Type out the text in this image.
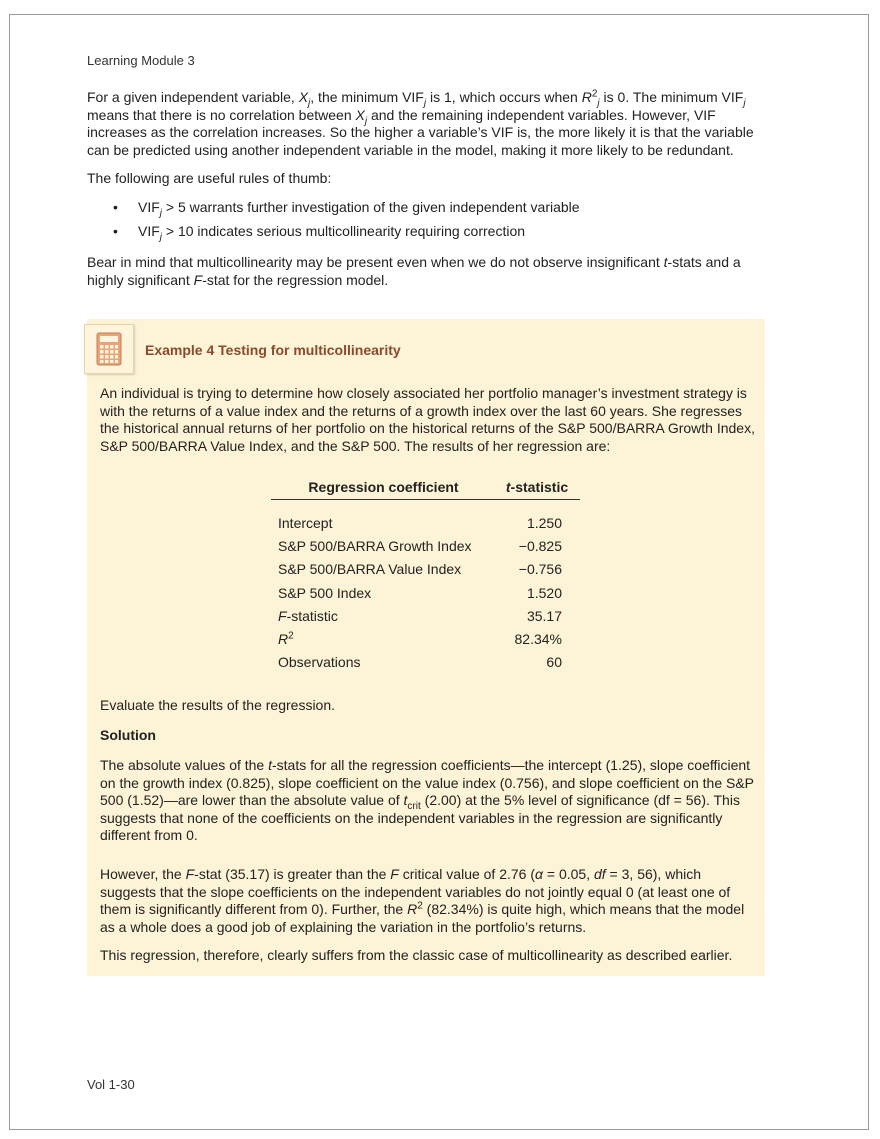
Learning Module 3
For a given independent variable, $X_j$, the minimum $VIF_j$ is 1, which occurs when $R^2_j$ is 0. The minimum $VIF_j$ means that there is no correlation between $X_j$ and the remaining independent variables. However, VIF increases as the correlation increases. So the higher a variable’s VIF is, the more likely it is that the variable can be predicted using another independent variable in the model, making it more likely to be redundant.
The following are useful rules of thumb:
• $VIF_j > 5$ warrants further investigation of the given independent variable
• $VIF_j > 10$ indicates serious multicollinearity requiring correction
Bear in mind that multicollinearity may be present even when we do not observe insignificant t-stats and a highly significant F-stat for the regression model.
Example 4 Testing for multicollinearity
An individual is trying to determine how closely associated her portfolio manager’s investment strategy is with the returns of a value index and the returns of a growth index over the last 60 years. She regresses the historical annual returns of her portfolio on the historical returns of the S&P 500/BARRA Growth Index, S&P 500/BARRA Value Index, and the S&P 500. The results of her regression are:
Regression coefficient	t-statistic
Intercept	1.250
S&P 500/BARRA Growth Index	−0.825
S&P 500/BARRA Value Index	−0.756
S&P 500 Index	1.520
F-statistic	35.17
$R^2$	82.34%
Observations	60
Evaluate the results of the regression.
Solution
The absolute values of the t-stats for all the regression coefficients—the intercept (1.25), slope coefficient on the growth index (0.825), slope coefficient on the value index (0.756), and slope coefficient on the S&P 500 (1.52)—are lower than the absolute value of $t_{crit}$ (2.00) at the 5% level of significance (df = 56). This suggests that none of the coefficients on the independent variables in the regression are significantly different from 0.
However, the F-stat (35.17) is greater than the F critical value of 2.76 (α = 0.05, df = 3, 56), which suggests that the slope coefficients on the independent variables do not jointly equal 0 (at least one of them is significantly different from 0). Further, the $R^2$ (82.34%) is quite high, which means that the model as a whole does a good job of explaining the variation in the portfolio’s returns.
This regression, therefore, clearly suffers from the classic case of multicollinearity as described earlier.
Vol 1-30
